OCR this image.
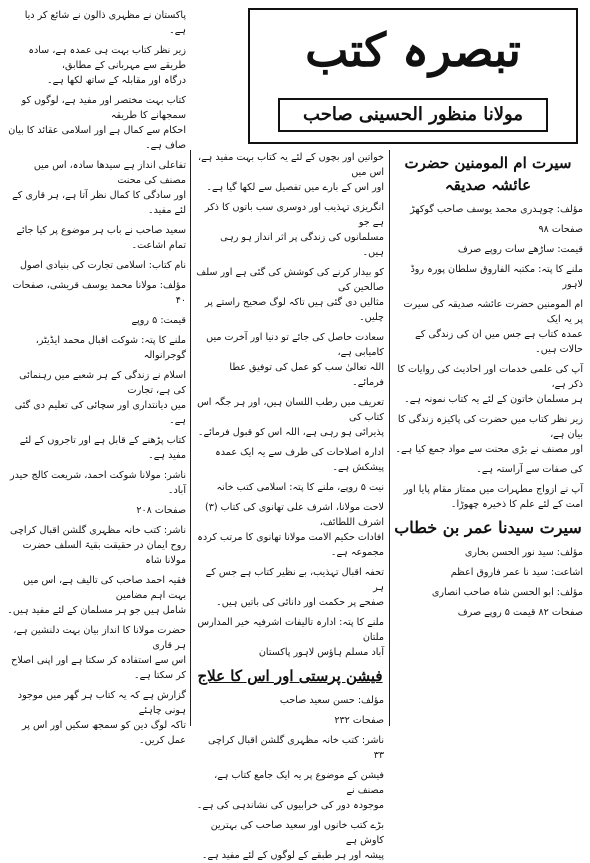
تبصرہ کتب
مولانا منظور الحسینی صاحب
سیرت ام المومنین حضرت عائشہ صدیقہ

مؤلف: چوہدری محمد یوسف صاحب گوکھڑ

صفحات ۹۸

قیمت: ساڑھے سات روپے صرف

ملنے کا پتہ: مکتبہ الفاروق سلطان پورہ روڈ لاہور

ام المومنین حضرت عائشہ صدیقہ کی سیرت پر یہ ایک
عمدہ کتاب ہے جس میں ان کی زندگی کے حالات ہیں۔

آپ کی علمی خدمات اور احادیث کی روایات کا ذکر ہے،
ہر مسلمان خاتون کے لئے یہ کتاب نمونہ ہے۔

زیر نظر کتاب میں حضرت کی پاکیزہ زندگی کا بیان ہے،
اور مصنف نے بڑی محنت سے مواد جمع کیا ہے۔

کی صفات سے آراستہ ہے۔

آپ نے ازواج مطہرات میں ممتاز مقام پایا اور
امت کے لئے علم کا ذخیرہ چھوڑا۔

سیرت سیدنا عمر بن خطاب

مؤلف: سید نور الحسن بخاری

اشاعت: سید نا عمر فاروق اعظم

مؤلف: ابو الحسن شاہ صاحب انصاری

صفحات ۸۲ قیمت ۵ روپے صرف

خواتین اور بچوں کے لئے یہ کتاب بہت مفید ہے، اس میں
اور اس کے بارے میں تفصیل سے لکھا گیا ہے۔

انگریزی تہذیب اور دوسری سب باتوں کا ذکر ہے جو
مسلمانوں کی زندگی پر اثر انداز ہو رہی ہیں۔

کو بیدار کرنے کی کوشش کی گئی ہے اور سلف صالحین کی
مثالیں دی گئی ہیں تاکہ لوگ صحیح راستے پر چلیں۔

سعادت حاصل کی جائے تو دنیا اور آخرت میں کامیابی ہے،
اللہ تعالیٰ سب کو عمل کی توفیق عطا فرمائے۔

تعریف میں رطب اللسان ہیں، اور ہر جگہ اس کتاب کی
پذیرائی ہو رہی ہے، اللہ اس کو قبول فرمائے۔

ادارہ اصلاحات کی طرف سے یہ ایک عمدہ پیشکش ہے۔

نیت ۵ روپے، ملنے کا پتہ: اسلامی کتب خانہ

لاحت مولانا، اشرف علی تھانوی کی کتاب (۳) اشرف اللطائف،
افادات حکیم الامت مولانا تھانوی کا مرتب کردہ مجموعہ ہے۔

تحفہ اقبال تہذیب، بے نظیر کتاب ہے جس کے ہر
صفحے پر حکمت اور دانائی کی باتیں ہیں۔

ملنے کا پتہ: ادارہ تالیفات اشرفیہ خیر المدارس ملتان
آباد مسلم ہاؤس لاہور پاکستان

فیشن پرستی اور اس کا علاج

مؤلف: حسن سعید صاحب

صفحات ۲۳۲

ناشر: کتب خانہ مظہری گلشن اقبال کراچی ۳۳

فیشن کے موضوع پر یہ ایک جامع کتاب ہے، مصنف نے
موجودہ دور کی خرابیوں کی نشاندہی کی ہے۔

بڑے کتب خانوں اور سعید صاحب کی بہترین کاوش ہے
پیشہ اور ہر طبقے کے لوگوں کے لئے مفید ہے۔

پاکستان نے مظہری ذالون نے شائع کر دیا ہے۔

زیر نظر کتاب بہت ہی عمدہ ہے، سادہ طریقے سے مہربانی کے مطابق،
درگاہ اور مقابلہ کے ساتھ لکھا ہے۔

کتاب بہت مختصر اور مفید ہے، لوگوں کو سمجھانے کا طریقہ
احکام سے کمال ہے اور اسلامی عقائد کا بیان صاف ہے۔

تفاعلی انداز ہے سیدھا سادہ، اس میں مصنف کی محنت
اور سادگی کا کمال نظر آتا ہے، ہر قاری کے لئے مفید۔

سعید صاحب نے باب ہر موضوع پر کیا جائے تمام اشاعت۔

نام کتاب: اسلامی تجارت کی بنیادی اصول

مؤلف: مولانا محمد یوسف قریشی، صفحات ۴۰

قیمت: ۵ روپے

ملنے کا پتہ: شوکت اقبال محمد ایڈیٹر، گوجرانوالہ

اسلام نے زندگی کے ہر شعبے میں رہنمائی کی ہے، تجارت
میں دیانتداری اور سچائی کی تعلیم دی گئی ہے۔

کتاب پڑھنے کے قابل ہے اور تاجروں کے لئے مفید ہے۔

ناشر: مولانا شوکت احمد، شریعت کالج حیدر آباد۔

صفحات ۲۰۸

ناشر: کتب خانہ مظہری گلشن اقبال کراچی
روح ایمان در حقیقت بقیۃ السلف حضرت مولانا شاہ

فقیہ احمد صاحب کی تالیف ہے، اس میں بہت اہم مضامین
شامل ہیں جو ہر مسلمان کے لئے مفید ہیں۔

حضرت مولانا کا انداز بیان بہت دلنشین ہے، ہر قاری
اس سے استفادہ کر سکتا ہے اور اپنی اصلاح کر سکتا ہے۔

گزارش ہے کہ یہ کتاب ہر گھر میں موجود ہونی چاہئے
تاکہ لوگ دین کو سمجھ سکیں اور اس پر عمل کریں۔
